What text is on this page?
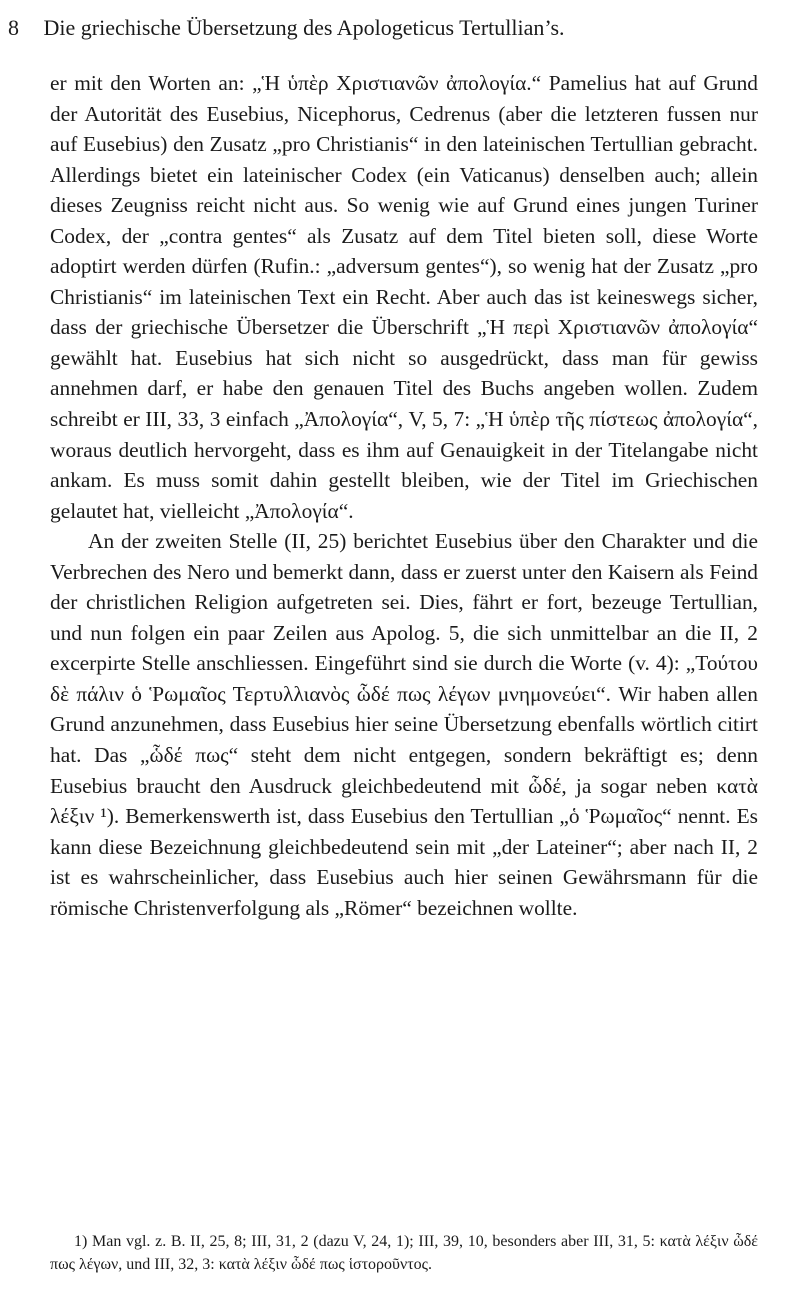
8 Die griechische Übersetzung des Apologeticus Tertullian’s.

er mit den Worten an: „Ἡ ὑπὲρ Χριστιανῶν ἀπολογία.“ Pamelius hat auf Grund der Autorität des Eusebius, Nicephorus, Cedrenus (aber die letzteren fussen nur auf Eusebius) den Zusatz „pro Christianis“ in den lateinischen Tertullian gebracht. Allerdings bietet ein lateinischer Codex (ein Vaticanus) denselben auch; allein dieses Zeugniss reicht nicht aus. So wenig wie auf Grund eines jungen Turiner Codex, der „contra gentes“ als Zusatz auf dem Titel bieten soll, diese Worte adoptirt werden dürfen (Rufin.: „adversum gentes“), so wenig hat der Zusatz „pro Christianis“ im lateinischen Text ein Recht. Aber auch das ist keineswegs sicher, dass der griechische Übersetzer die Überschrift „Ἡ περὶ Χριστιανῶν ἀπολογία“ gewählt hat. Eusebius hat sich nicht so ausgedrückt, dass man für gewiss annehmen darf, er habe den genauen Titel des Buchs angeben wollen. Zudem schreibt er III, 33, 3 einfach „Ἀπολογία“, V, 5, 7: „Ἡ ὑπὲρ τῆς πίστεως ἀπολογία“, woraus deutlich hervorgeht, dass es ihm auf Genauigkeit in der Titelangabe nicht ankam. Es muss somit dahin gestellt bleiben, wie der Titel im Griechischen gelautet hat, vielleicht „Ἀπολογία“.

An der zweiten Stelle (II, 25) berichtet Eusebius über den Charakter und die Verbrechen des Nero und bemerkt dann, dass er zuerst unter den Kaisern als Feind der christlichen Religion aufgetreten sei. Dies, fährt er fort, bezeuge Tertullian, und nun folgen ein paar Zeilen aus Apolog. 5, die sich unmittelbar an die II, 2 excerpirte Stelle anschliessen. Eingeführt sind sie durch die Worte (v. 4): „Τούτου δὲ πάλιν ὁ Ῥωμαῖος Τερτυλλιανὸς ὧδέ πως λέγων μνημονεύει“. Wir haben allen Grund anzunehmen, dass Eusebius hier seine Übersetzung ebenfalls wörtlich citirt hat. Das „ὧδέ πως“ steht dem nicht entgegen, sondern bekräftigt es; denn Eusebius braucht den Ausdruck gleichbedeutend mit ὧδέ, ja sogar neben κατὰ λέξιν ¹). Bemerkenswerth ist, dass Eusebius den Tertullian „ὁ Ῥωμαῖος“ nennt. Es kann diese Bezeichnung gleichbedeutend sein mit „der Lateiner“; aber nach II, 2 ist es wahrscheinlicher, dass Eusebius auch hier seinen Gewährsmann für die römische Christenverfolgung als „Römer“ bezeichnen wollte.

1) Man vgl. z. B. II, 25, 8; III, 31, 2 (dazu V, 24, 1); III, 39, 10, besonders aber III, 31, 5: κατὰ λέξιν ὧδέ πως λέγων, und III, 32, 3: κατὰ λέξιν ὧδέ πως ἱστοροῦντος.
